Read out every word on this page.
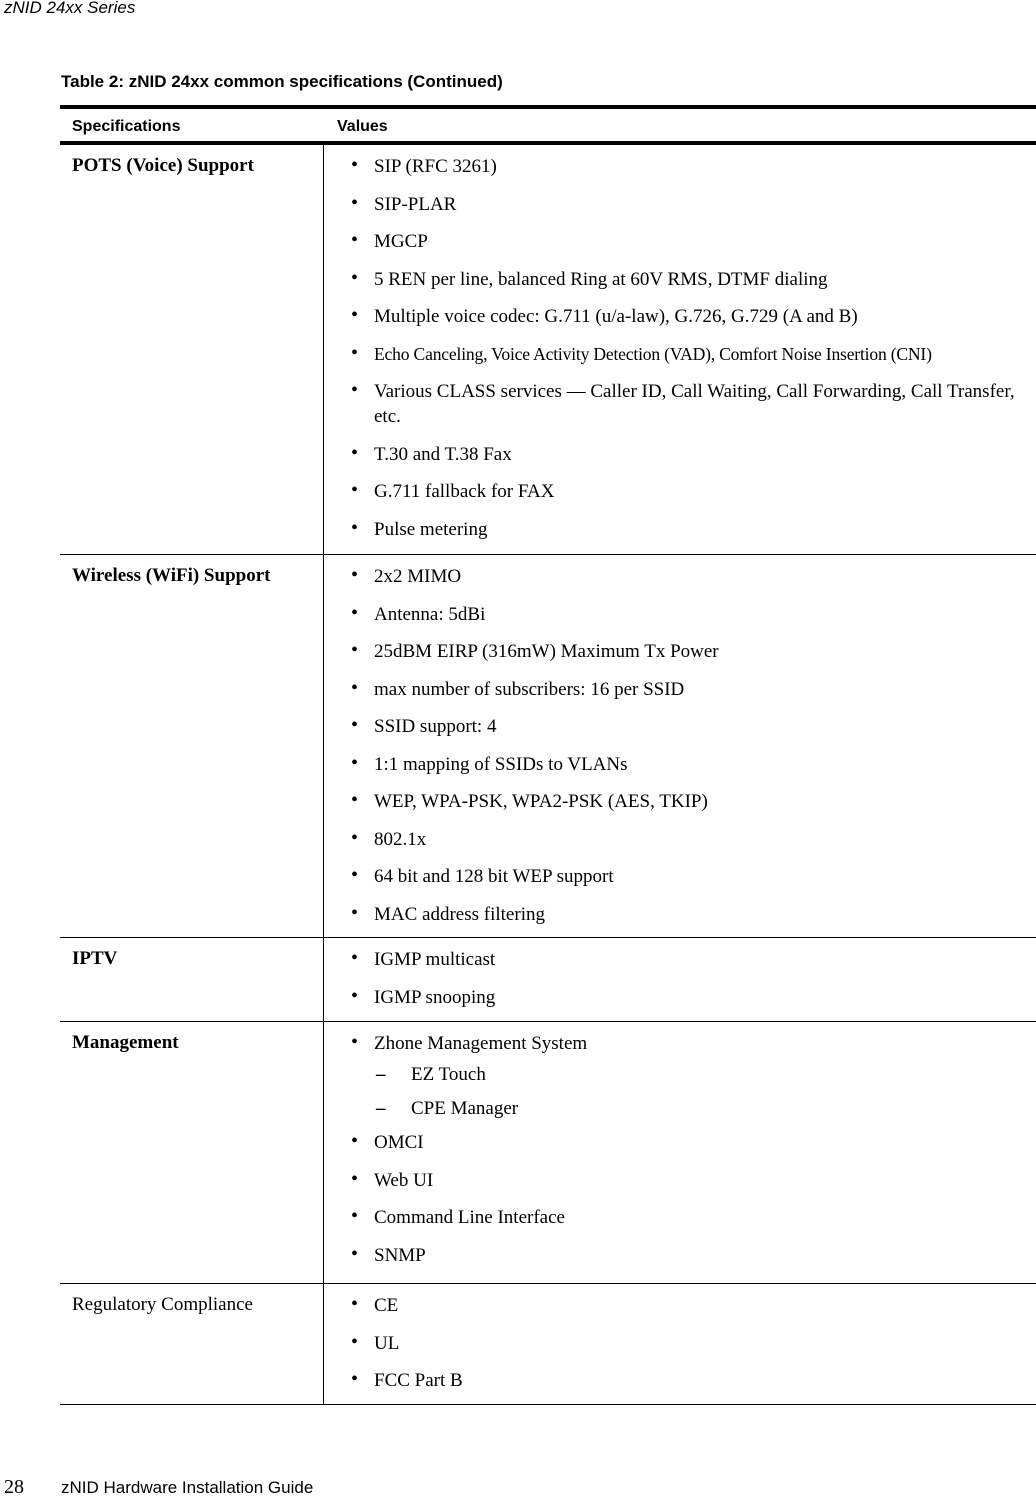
zNID 24xx Series
Table 2: zNID 24xx common specifications (Continued)
Specifications	Values
POTS (Voice) Support	• SIP (RFC 3261)
• SIP-PLAR
• MGCP
• 5 REN per line, balanced Ring at 60V RMS, DTMF dialing
• Multiple voice codec: G.711 (u/a-law), G.726, G.729 (A and B)
• Echo Canceling, Voice Activity Detection (VAD), Comfort Noise Insertion (CNI)
• Various CLASS services — Caller ID, Call Waiting, Call Forwarding, Call Transfer, etc.
• T.30 and T.38 Fax
• G.711 fallback for FAX
• Pulse metering
Wireless (WiFi) Support	• 2x2 MIMO
• Antenna: 5dBi
• 25dBM EIRP (316mW) Maximum Tx Power
• max number of subscribers: 16 per SSID
• SSID support: 4
• 1:1 mapping of SSIDs to VLANs
• WEP, WPA-PSK, WPA2-PSK (AES, TKIP)
• 802.1x
• 64 bit and 128 bit WEP support
• MAC address filtering
IPTV	• IGMP multicast
• IGMP snooping
Management	• Zhone Management System
– EZ Touch
– CPE Manager
• OMCI
• Web UI
• Command Line Interface
• SNMP
Regulatory Compliance	• CE
• UL
• FCC Part B
28 zNID Hardware Installation Guide
